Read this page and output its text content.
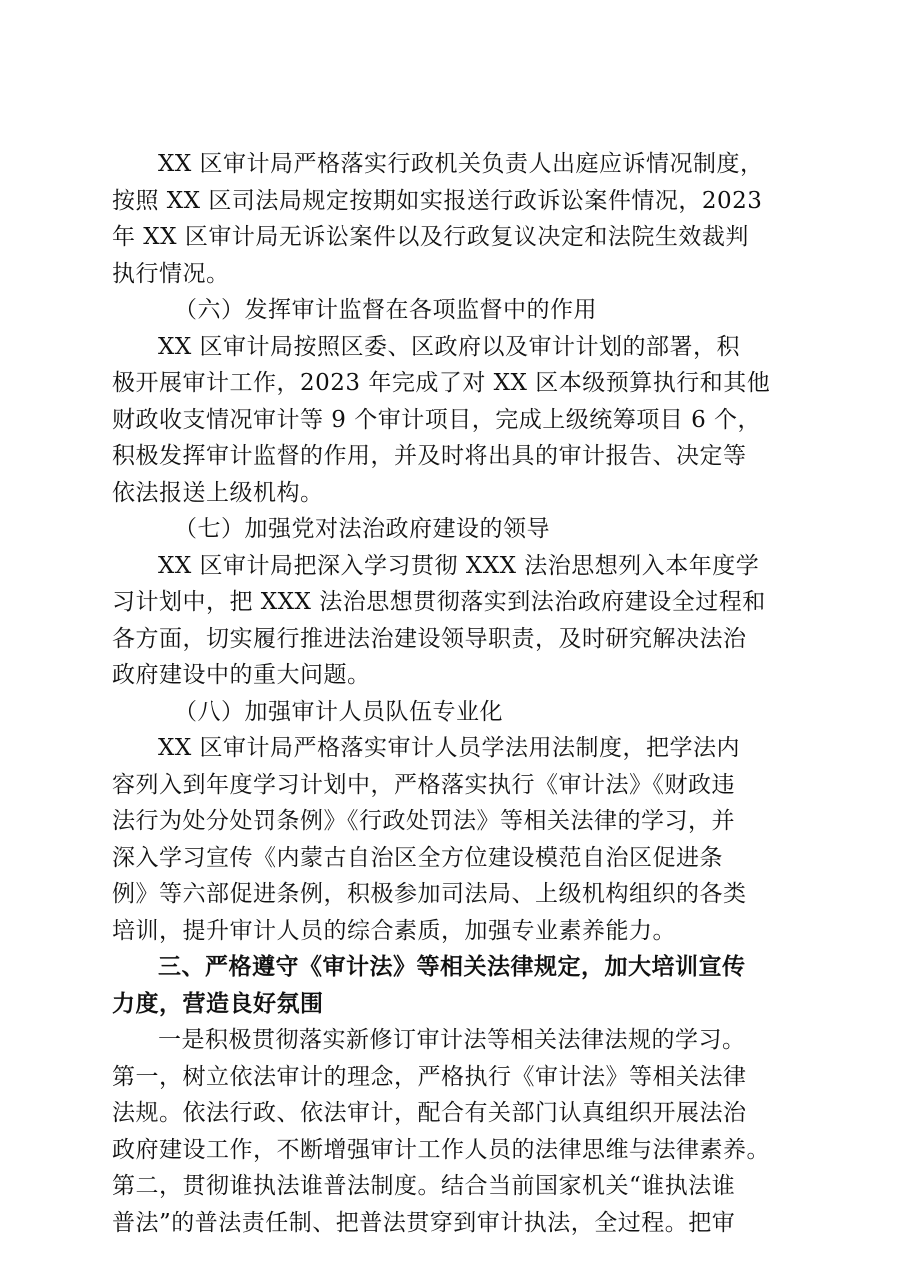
XX 区审计局严格落实行政机关负责人出庭应诉情况制度，
按照 XX 区司法局规定按期如实报送行政诉讼案件情况，2023
年 XX 区审计局无诉讼案件以及行政复议决定和法院生效裁判
执行情况。

（六）发挥审计监督在各项监督中的作用

XX 区审计局按照区委、区政府以及审计计划的部署，积
极开展审计工作，2023 年完成了对 XX 区本级预算执行和其他
财政收支情况审计等 9 个审计项目，完成上级统筹项目 6 个，
积极发挥审计监督的作用，并及时将出具的审计报告、决定等
依法报送上级机构。

（七）加强党对法治政府建设的领导

XX 区审计局把深入学习贯彻 XXX 法治思想列入本年度学
习计划中，把 XXX 法治思想贯彻落实到法治政府建设全过程和
各方面，切实履行推进法治建设领导职责，及时研究解决法治
政府建设中的重大问题。

（八）加强审计人员队伍专业化

XX 区审计局严格落实审计人员学法用法制度，把学法内
容列入到年度学习计划中，严格落实执行《审计法》《财政违
法行为处分处罚条例》《行政处罚法》等相关法律的学习，并
深入学习宣传《内蒙古自治区全方位建设模范自治区促进条
例》等六部促进条例，积极参加司法局、上级机构组织的各类
培训，提升审计人员的综合素质，加强专业素养能力。

三、严格遵守《审计法》等相关法律规定，加大培训宣传
力度，营造良好氛围

一是积极贯彻落实新修订审计法等相关法律法规的学习。
第一，树立依法审计的理念，严格执行《审计法》等相关法律
法规。依法行政、依法审计，配合有关部门认真组织开展法治
政府建设工作，不断增强审计工作人员的法律思维与法律素养。
第二，贯彻谁执法谁普法制度。结合当前国家机关“谁执法谁
普法”的普法责任制、把普法贯穿到审计执法，全过程。把审
